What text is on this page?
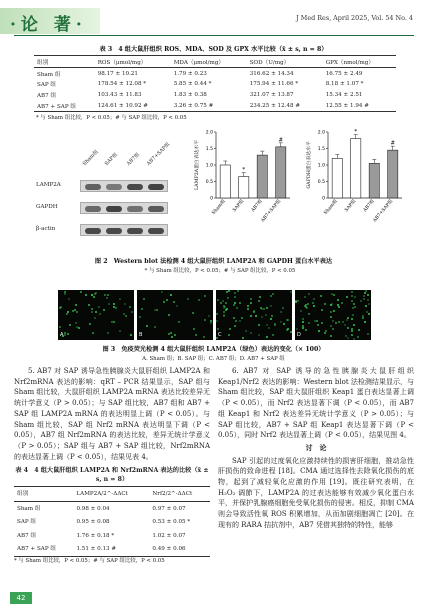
·论 著·	J Med Res, April 2025, Vol. 54 No. 4
表 3　4 组大鼠肝组织 ROS、MDA、SOD 及 GPX 水平比较（x̄ ± s, n = 8）
组别	ROS（μmol/mg）	MDA（μmol/mg）	SOD（U/mg）	GPX（nmol/mg）
Sham 组	98.17 ± 10.21	1.79 ± 0.23	316.62 ± 14.34	16.75 ± 2.49
SAP 组	178.54 ± 12.08 *	5.85 ± 0.44 *	175.94 ± 11.66 *	8.18 ± 1.07 *
AB7 组	103.43 ± 11.83	1.83 ± 0.38	321.07 ± 13.87	15.34 ± 2.51
AB7 + SAP 组	124.61 ± 10.92 #	3.26 ± 0.75 #	234.25 ± 12.48 #	12.55 ± 1.94 #
* 与 Sham 组比较，P < 0.05；# 与 SAP 组比较，P < 0.05
Sham组 SAP组 AB7组 AB7+SAP组
LAMP2A
GAPDH
β-actin
0
0.5
1.0
1.5
2.0
LAMP2A蛋白表达水平
Sham组
*
SAP组	AB7组
#
AB7+SAP组	0
0.5
1.0
1.5
2.0
GAPDH蛋白表达水平
Sham组
*
SAP组	AB7组
#
AB7+SAP组
图 2　Western blot 法检测 4 组大鼠肝组织 LAMP2A 和 GAPDH 蛋白水平表达
* 与 Sham 组比较，P < 0.05；# 与 SAP 组比较，P < 0.05
B	C	D
图 3　免疫荧光检测 4 组大鼠肝组织 LAMP2A（绿色）表达的变化（× 100）
A. Sham 组；B. SAP 组；C. AB7 组；D. AB7 + SAP 组

5. AB7 对 SAP 诱导急性胰腺炎大鼠肝组织 LAMP2A 和 Nrf2mRNA 表达的影响：qRT – PCR 结果显示，SAP 组与 Sham 组比较，大鼠肝组织 LAMP2A mRNA 表达比较差异无统计学意义（P > 0.05）；与 SAP 组比较，AB7 组和 AB7 + SAP 组 LAMP2A mRNA 的表达明显上调（P < 0.05）。与 Sham 组比较，SAP 组 Nrf2 mRNA 表达明显下调（P < 0.05），AB7 组 Nrf2mRNA 的表达比较，差异无统计学意义（P > 0.05）；SAP 组与 AB7 + SAP 组比较，Nrf2mRNA 的表达显著上调（P < 0.05），结果见表 4。

表 4　4 组大鼠肝组织 LAMP2A 和 Nrf2mRNA 表达的比较（x̄ ± s, n = 8）
组别	LAMP2A/2^-ΔΔCt	Nrf2/2^-ΔΔCt
Sham 组	0.98 ± 0.04	0.97 ± 0.07
SAP 组	0.95 ± 0.08	0.53 ± 0.05 *
AB7 组	1.76 ± 0.18 *	1.02 ± 0.07
AB7 + SAP 组	1.51 ± 0.13 #	0.49 ± 0.06
* 与 Sham 组比较，P < 0.05；# 与 SAP 组比较，P < 0.05

6. AB7 对 SAP 诱导的急性胰腺炎大鼠肝组织 Keap1/Nrf2 表达的影响：Western blot 法检测结果显示，与 Sham 组比较，SAP 组大鼠肝组织 Keap1 蛋白表达显著上调（P < 0.05），而 Nrf2 表达显著下调（P < 0.05），而 AB7 组 Keap1 和 Nrf2 表达差异无统计学意义（P > 0.05）；与 SAP 组比较，AB7 + SAP 组 Keap1 表达显著下调（P < 0.05），同时 Nrf2 表达显著上调（P < 0.05），结果见图 4。

讨　论

SAP 引起的过度氧化应激持续性的损害肝细胞，推动急性肝损伤的致命进程 [18]。CMA 通过选择性去除氧化损伤的底物，起到了减轻氧化应激的作用 [19]。既往研究表明，在 H₂O₂ 调節下，LAMP2A 的过表达能够有效减少氧化蛋白水平，并保护乳腺癌细胞免受氧化损伤的侵害。相反，抑制 CMA 则会导致活性氧 ROS 积累增加，从而加剧细胞凋亡 [20]。在现有的 RARA 拮抗剂中，AB7 凭借其独特的特性，能够

42
